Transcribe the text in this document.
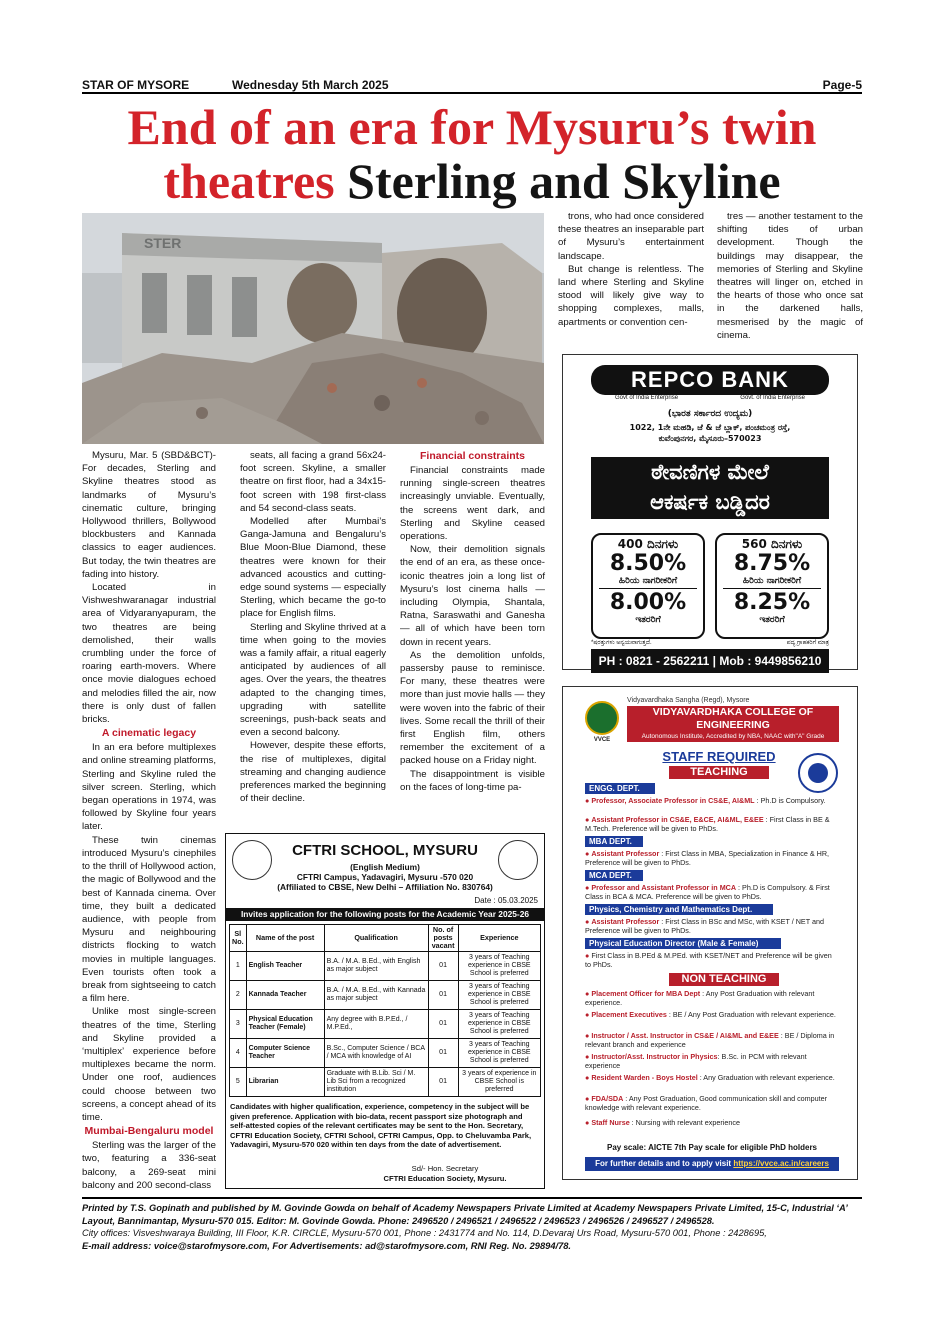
STAR OF MYSORE	Wednesday 5th March 2025	Page-5
End of an era for Mysuru’s twin
theatres Sterling and Skyline
STER

Mysuru, Mar. 5 (SBD&BCT)- For decades, Sterling and Skyline theatres stood as landmarks of Mysuru’s cinematic culture, bringing Hollywood thrillers, Bollywood blockbusters and Kannada classics to eager audiences. But today, the twin theatres are fading into history.

Located in Vishweshwaranagar industrial area of Vidyaranyapuram, the two theatres are being demolished, their walls crumbling under the force of roaring earth-movers. Where once movie dialogues echoed and melodies filled the air, now there is only dust of fallen bricks.

A cinematic legacy

In an era before multiplexes and online streaming platforms, Sterling and Skyline ruled the silver screen. Sterling, which began operations in 1974, was followed by Skyline four years later.

These twin cinemas introduced Mysuru’s cinephiles to the thrill of Hollywood action, the magic of Bollywood and the best of Kannada cinema. Over time, they built a dedicated audience, with people from Mysuru and neighbouring districts flocking to watch movies in multiple languages. Even tourists often took a break from sightseeing to catch a film here.

Unlike most single-screen theatres of the time, Sterling and Skyline provided a ‘multiplex’ experience before multiplexes became the norm. Under one roof, audiences could choose between two screens, a concept ahead of its time.

Mumbai-Bengaluru model

Sterling was the larger of the two, featuring a 336-seat balcony, a 269-seat mini balcony and 200 second-class

seats, all facing a grand 56x24-foot screen. Skyline, a smaller theatre on first floor, had a 34x15-foot screen with 198 first-class and 54 second-class seats.

Modelled after Mumbai’s Ganga-Jamuna and Bengaluru’s Blue Moon-Blue Diamond, these theatres were known for their advanced acoustics and cutting-edge sound systems — especially Sterling, which became the go-to place for English films.

Sterling and Skyline thrived at a time when going to the movies was a family affair, a ritual eagerly anticipated by audiences of all ages. Over the years, the theatres adapted to the changing times, upgrading with satellite screenings, push-back seats and even a second balcony.

However, despite these efforts, the rise of multiplexes, digital streaming and changing audience preferences marked the beginning of their decline.

Financial constraints

Financial constraints made running single-screen theatres increasingly unviable. Eventually, the screens went dark, and Sterling and Skyline ceased operations.

Now, their demolition signals the end of an era, as these once-iconic theatres join a long list of Mysuru’s lost cinema halls — including Olympia, Shantala, Ratna, Saraswathi and Ganesha — all of which have been torn down in recent years.

As the demolition unfolds, passersby pause to reminisce. For many, these theatres were more than just movie halls — they were woven into the fabric of their lives. Some recall the thrill of their first English film, others remember the excitement of a packed house on a Friday night.

The disappointment is visible on the faces of long-time pa-

trons, who had once considered these theatres an inseparable part of Mysuru’s entertainment landscape.

But change is relentless. The land where Sterling and Skyline stood will likely give way to shopping complexes, malls, apartments or convention cen-

tres — another testament to the shifting tides of urban development. Though the buildings may disappear, the memories of Sterling and Skyline theatres will linger on, etched in the hearts of those who once sat in the darkened halls, mesmerised by the magic of cinema.

REPCO BANK
Govt of India Enterprise	Govt. of India Enterprise
(ಭಾರತ ಸರ್ಕಾರದ ಉದ್ಯಮ)
1022, 1ನೇ ಮಹಡಿ, ಜೆ & ಜೆ ಬ್ಲಾಕ್, ಪಂಚಮಂತ್ರ ರಸ್ತೆ,
ಕುವೆಂಪುನಗರ, ಮೈಸೂರು–570023
ಠೇವಣಿಗಳ ಮೇಲೆ
ಆಕರ್ಷಕ ಬಡ್ಡಿದರ
400 ದಿನಗಳು
8.50%
ಹಿರಿಯ ನಾಗರೀಕರಿಗೆ
8.00%
ಇತರರಿಗೆ
560 ದಿನಗಳು
8.75%
ಹಿರಿಯ ನಾಗರೀಕರಿಗೆ
8.25%
ಇತರರಿಗೆ
*ಷರತ್ತುಗಳು ಅನ್ವಯವಾಗುತ್ತದೆ.	ಪದ್ಯ ಗ್ರಾಹಕರಿಗೆ ಮಾತ್ರ
PH : 0821 - 2562211 | Mob : 9449856210
VVCE
Vidyavardhaka Sangha (Regd), Mysore
VIDYAVARDHAKA COLLEGE OF ENGINEERING
Autonomous Institute, Accredited by NBA, NAAC with"A" Grade
Gokulam 3rd Stage, Mysuru-570 002
STAFF REQUIRED
TEACHING
ENGG. DEPT.
● Professor, Associate Professor in CS&E, AI&ML : Ph.D is Compulsory.
● Assistant Professor in CS&E, E&CE, AI&ML, E&EE : First Class in BE & M.Tech. Preference will be given to PhDs.
MBA DEPT.
● Assistant Professor : First Class in MBA, Specialization in Finance & HR, Preference will be given to PhDs.
MCA DEPT.
● Professor and Assistant Professor in MCA : Ph.D is Compulsory. & First Class in BCA & MCA. Preference will be given to PhDs.
Physics, Chemistry and Mathematics Dept.
● Assistant Professor : First Class in BSc and MSc, with KSET / NET and Preference will be given to PhDs.
Physical Education Director (Male & Female)
● First Class in B.PEd & M.PEd. with KSET/NET and Preference will be given to PhDs.
NON TEACHING
● Placement Officer for MBA Dept : Any Post Graduation with relevant experience.
● Placement Executives : BE / Any Post Graduation with relevant experience.
● Instructor / Asst. Instructor in CS&E / AI&ML and E&EE : BE / Diploma in relevant branch and experience
● Instructor/Asst. Instructor in Physics: B.Sc. in PCM with relevant experience
● Resident Warden - Boys Hostel : Any Graduation with relevant experience.
● FDA/SDA : Any Post Graduation, Good communication skill and computer knowledge with relevant experience.
● Staff Nurse : Nursing with relevant experience
Pay scale: AICTE 7th Pay scale for eligible PhD holders
For further details and to apply visit https://vvce.ac.in/careers
CFTRI SCHOOL, MYSURU
(English Medium)
CFTRI Campus, Yadavagiri, Mysuru -570 020
(Affiliated to CBSE, New Delhi – Affiliation No. 830764)
Date : 05.03.2025
Invites application for the following posts for the Academic Year 2025-26
Sl No.	Name of the post	Qualification	No. of posts vacant	Experience
1	English Teacher	B.A. / M.A. B.Ed., with English as major subject	01	3 years of Teaching experience in CBSE School is preferred
2	Kannada Teacher	B.A. / M.A. B.Ed., with Kannada as major subject	01	3 years of Teaching experience in CBSE School is preferred
3	Physical Education Teacher (Female)	Any degree with B.P.Ed., / M.P.Ed.,	01	3 years of Teaching experience in CBSE School is preferred
4	Computer Science Teacher	B.Sc., Computer Science / BCA / MCA with knowledge of AI	01	3 years of Teaching experience in CBSE School is preferred
5	Librarian	Graduate with B.Lib. Sci / M. Lib Sci from a recognized institution	01	3 years of experience in CBSE School is preferred
Candidates with higher qualification, experience, competency in the subject will be given preference. Application with bio-data, recent passport size photograph and self-attested copies of the relevant certificates may be sent to the Hon. Secretary, CFTRI Education Society, CFTRI School, CFTRI Campus, Opp. to Cheluvamba Park, Yadavagiri, Mysuru-570 020 within ten days from the date of advertisement.
Sd/- Hon. Secretary
CFTRI Education Society, Mysuru.
Printed by T.S. Gopinath and published by M. Govinde Gowda on behalf of Academy Newspapers Private Limited at Academy Newspapers Private Limited, 15-C, Industrial ‘A’ Layout, Bannimantap, Mysuru-570 015. Editor: M. Govinde Gowda. Phone: 2496520 / 2496521 / 2496522 / 2496523 / 2496526 / 2496527 / 2496528.
City offices: Visveshwaraya Building, III Floor, K.R. CIRCLE, Mysuru-570 001, Phone : 2431774 and No. 114, D.Devaraj Urs Road, Mysuru-570 001, Phone : 2428695,
E-mail address: voice@starofmysore.com, For Advertisements: ad@starofmysore.com, RNI Reg. No. 29894/78.
